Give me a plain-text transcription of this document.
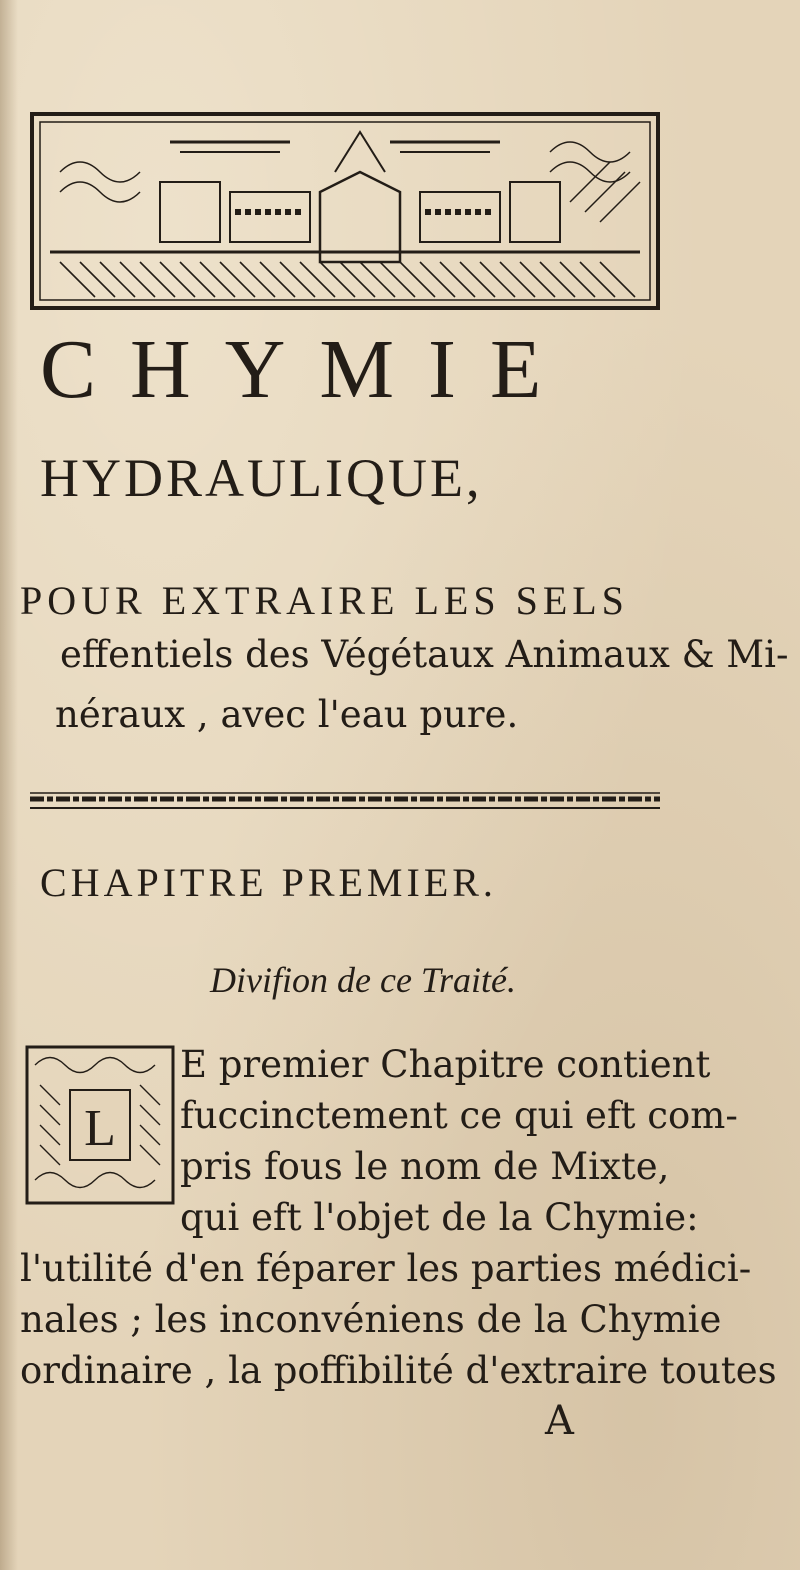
CHYMIE
HYDRAULIQUE,
POUR EXTRAIRE LES SELS
effentiels des Végétaux Animaux & Mi-
néraux , avec l'eau pure.
CHAPITRE PREMIER.
Divifion de ce Traité.
L
E premier Chapitre contient
fuccinctement ce qui eft com-
pris fous le nom de Mixte,
qui eft l'objet de la Chymie:
l'utilité d'en féparer les parties médici-
nales ; les inconvéniens de la Chymie
ordinaire , la poffibilité d'extraire toutes
A
